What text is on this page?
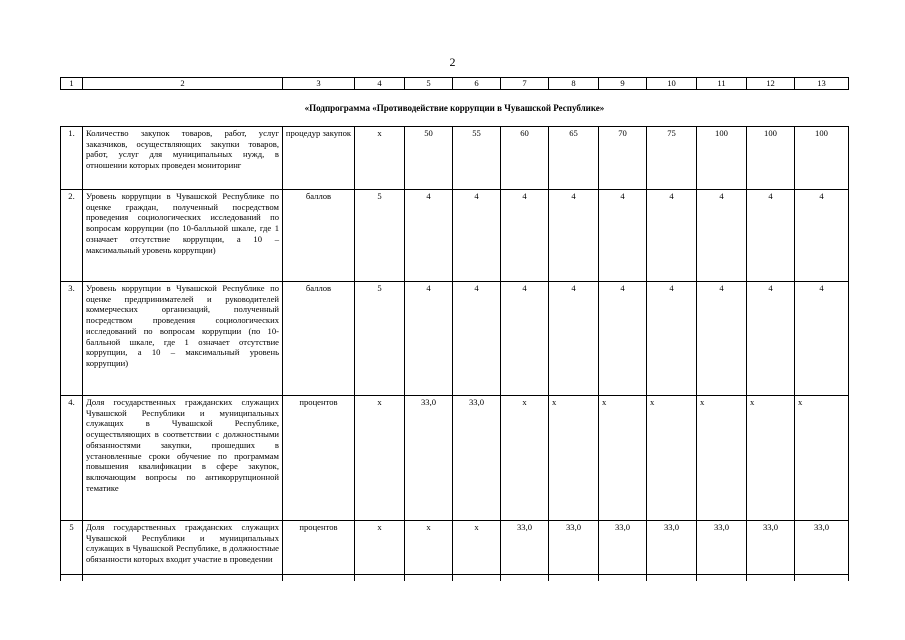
2
1	2	3	4	5	6	7	8	9	10	11	12	13
«Подпрограмма «Противодействие коррупции в Чувашской Республике»												
1.	Количество закупок товаров, работ, услуг заказчиков, осуществляющих закупки товаров, работ, услуг для муниципальных нужд, в отношении которых проведен мониторинг	процедур закупок	х	50	55	60	65	70	75	100	100	100
2.	Уровень коррупции в Чувашской Республике по оценке граждан, полученный посредством проведения социологических исследований по вопросам коррупции (по 10-балльной шкале, где 1 означает отсутствие коррупции, а 10 – максимальный уровень коррупции)	баллов	5	4	4	4	4	4	4	4	4	4
3.	Уровень коррупции в Чувашской Республике по оценке предпринимателей и руководителей коммерческих организаций, полученный посредством проведения социологических исследований по вопросам коррупции (по 10-балльной шкале, где 1 означает отсутствие коррупции, а 10 – максимальный уровень коррупции)	баллов	5	4	4	4	4	4	4	4	4	4
4.	Доля государственных гражданских служащих Чувашской Республики и муниципальных служащих в Чувашской Республике, осуществляющих в соответствии с должностными обязанностями закупки, прошедших в установленные сроки обучение по программам повышения квалификации в сфере закупок, включающим вопросы по антикоррупционной тематике	процентов	х	33,0	33,0	х	х	х	х	х	х	х
5	Доля государственных гражданских служащих Чувашской Республики и муниципальных служащих в Чувашской Республике, в должностные обязанности которых входит участие в проведении	процентов	х	х	х	33,0	33,0	33,0	33,0	33,0	33,0	33,0
